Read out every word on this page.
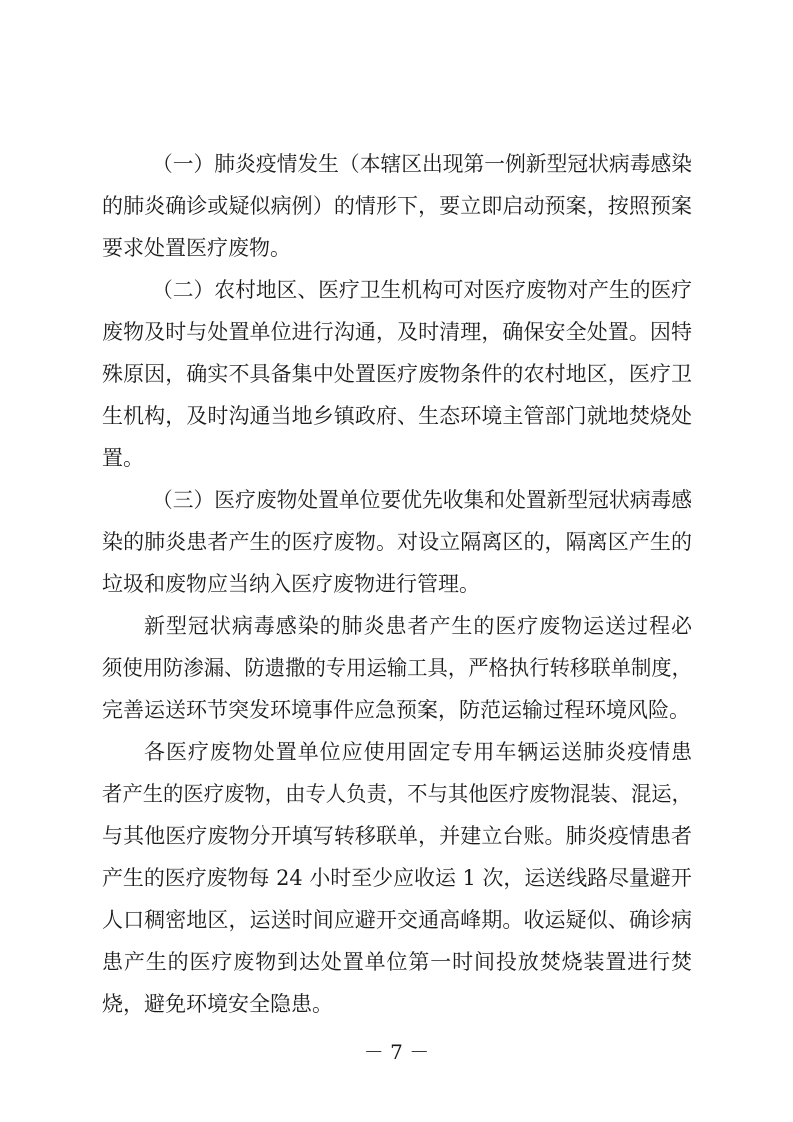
（一）肺炎疫情发生（本辖区出现第一例新型冠状病毒感染
的肺炎确诊或疑似病例）的情形下，要立即启动预案，按照预案
要求处置医疗废物。
（二）农村地区、医疗卫生机构可对医疗废物对产生的医疗
废物及时与处置单位进行沟通，及时清理，确保安全处置。因特
殊原因，确实不具备集中处置医疗废物条件的农村地区，医疗卫
生机构，及时沟通当地乡镇政府、生态环境主管部门就地焚烧处
置。
（三）医疗废物处置单位要优先收集和处置新型冠状病毒感
染的肺炎患者产生的医疗废物。对设立隔离区的，隔离区产生的
垃圾和废物应当纳入医疗废物进行管理。
新型冠状病毒感染的肺炎患者产生的医疗废物运送过程必
须使用防渗漏、防遗撒的专用运输工具，严格执行转移联单制度，
完善运送环节突发环境事件应急预案，防范运输过程环境风险。
各医疗废物处置单位应使用固定专用车辆运送肺炎疫情患
者产生的医疗废物，由专人负责，不与其他医疗废物混装、混运，
与其他医疗废物分开填写转移联单，并建立台账。肺炎疫情患者
产生的医疗废物每 24 小时至少应收运 1 次，运送线路尽量避开
人口稠密地区，运送时间应避开交通高峰期。收运疑似、确诊病
患产生的医疗废物到达处置单位第一时间投放焚烧装置进行焚
烧，避免环境安全隐患。
－ 7 －
